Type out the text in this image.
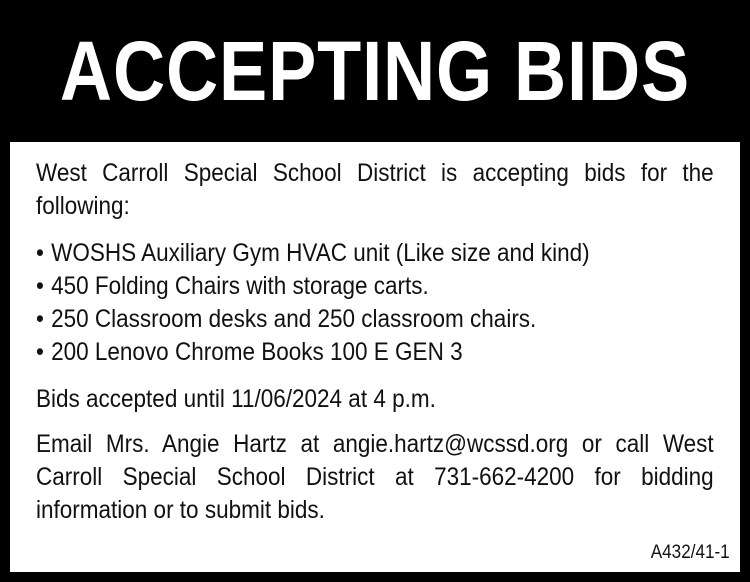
ACCEPTING BIDS

West Carroll Special School District is accepting bids for the following:

• WOSHS Auxiliary Gym HVAC unit (Like size and kind)
• 450 Folding Chairs with storage carts.
• 250 Classroom desks and 250 classroom chairs.
• 200 Lenovo Chrome Books 100 E GEN 3

Bids accepted until 11/06/2024 at 4 p.m.

Email Mrs. Angie Hartz at angie.hartz@wcssd.org or call West Carroll Special School District at 731-662-4200 for bidding information or to submit bids.

A432/41-1
